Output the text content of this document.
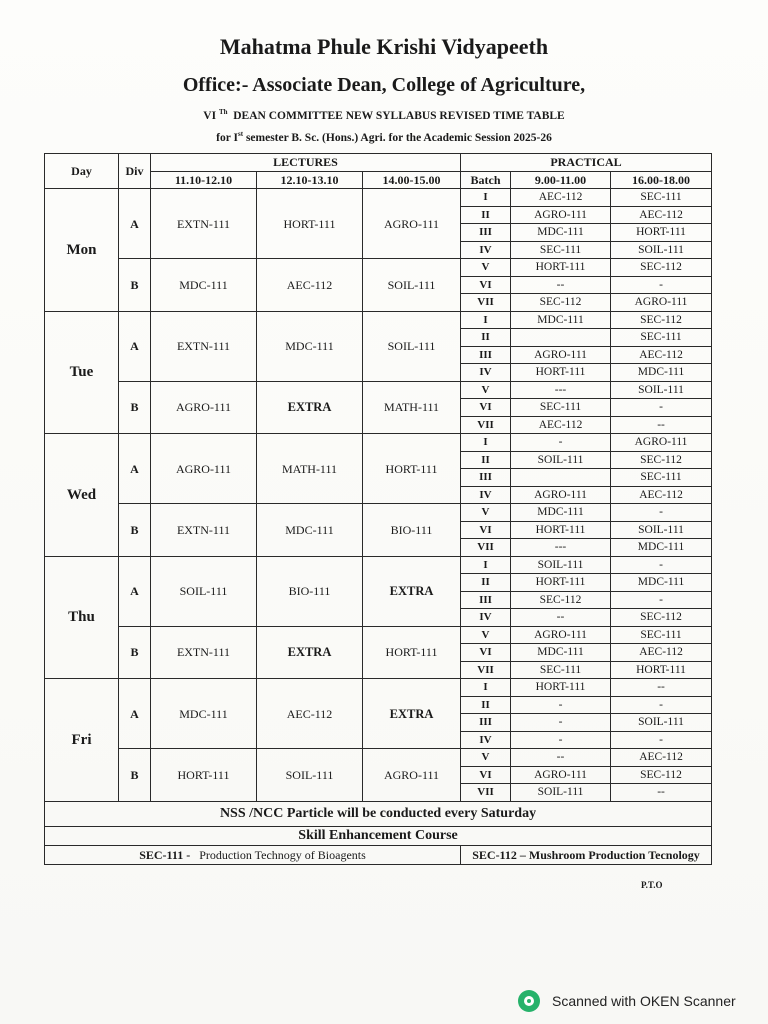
Mahatma Phule Krishi Vidyapeeth
Office:- Associate Dean, College of Agriculture,
VI $^{Th}$ DEAN COMMITTEE NEW SYLLABUS REVISED TIME TABLE
for Ist semester B. Sc. (Hons.) Agri. for the Academic Session 2025-26
Day	Div	LECTURES			PRACTICAL		
		11.10-12.10	12.10-13.10	14.00-15.00	Batch	9.00-11.00	16.00-18.00
Mon	A	EXTN-111	HORT-111	AGRO-111	I	AEC-112	SEC-111
					II	AGRO-111	AEC-112
					III	MDC-111	HORT-111
					IV	SEC-111	SOIL-111
	B	MDC-111	AEC-112	SOIL-111	V	HORT-111	SEC-112
					VI	--	-
					VII	SEC-112	AGRO-111
Tue	A	EXTN-111	MDC-111	SOIL-111	I	MDC-111	SEC-112
					II		SEC-111
					III	AGRO-111	AEC-112
					IV	HORT-111	MDC-111
	B	AGRO-111	EXTRA	MATH-111	V	---	SOIL-111
					VI	SEC-111	-
					VII	AEC-112	--
Wed	A	AGRO-111	MATH-111	HORT-111	I	-	AGRO-111
					II	SOIL-111	SEC-112
					III		SEC-111
					IV	AGRO-111	AEC-112
	B	EXTN-111	MDC-111	BIO-111	V	MDC-111	-
					VI	HORT-111	SOIL-111
					VII	---	MDC-111
Thu	A	SOIL-111	BIO-111	EXTRA	I	SOIL-111	-
					II	HORT-111	MDC-111
					III	SEC-112	-
					IV	--	SEC-112
	B	EXTN-111	EXTRA	HORT-111	V	AGRO-111	SEC-111
					VI	MDC-111	AEC-112
					VII	SEC-111	HORT-111
Fri	A	MDC-111	AEC-112	EXTRA	I	HORT-111	--
					II	-	-
					III	-	SOIL-111
					IV	-	-
	B	HORT-111	SOIL-111	AGRO-111	V	--	AEC-112
					VI	AGRO-111	SEC-112
					VII	SOIL-111	--
NSS /NCC Particle will be conducted every Saturday							
Skill Enhancement Course							
SEC-111 - Production Technogy of Bioagents					SEC-112 – Mushroom Production Tecnology		
P.T.O
Scanned with OKEN Scanner
